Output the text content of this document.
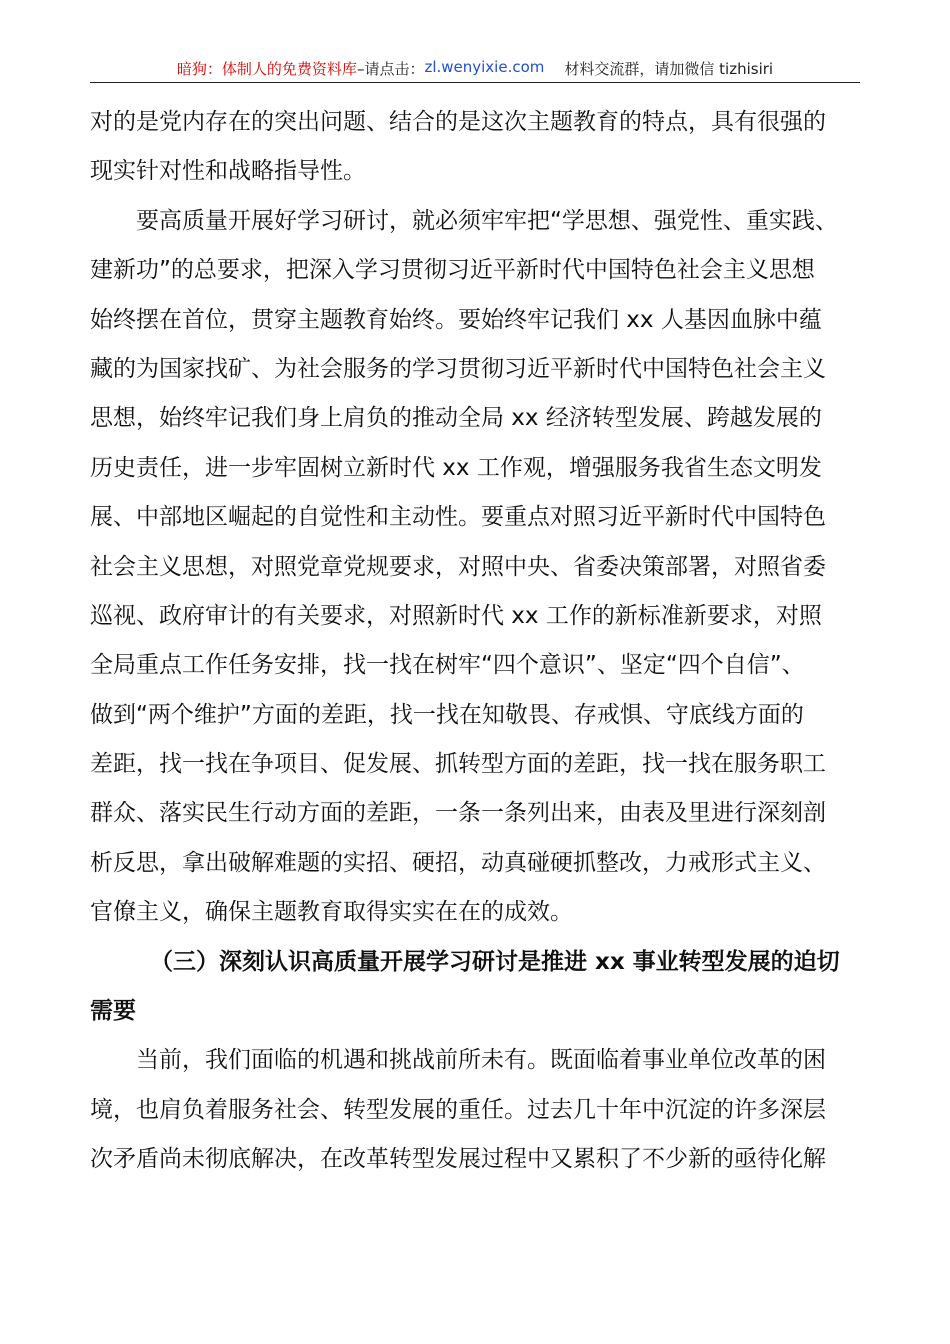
暗狗：体制人的免费资料库 –请点击： zl.wenyixie.com 材料交流群，请加微信 tizhisiri
对的是党内存在的突出问题、结合的是这次主题教育的特点，具有很强的
现实针对性和战略指导性。
要高质量开展好学习研讨，就必须牢牢把“学思想、强党性、重实践、
建新功”的总要求，把深入学习贯彻习近平新时代中国特色社会主义思想
始终摆在首位，贯穿主题教育始终。要始终牢记我们 xx 人基因血脉中蕴
藏的为国家找矿、为社会服务的学习贯彻习近平新时代中国特色社会主义
思想，始终牢记我们身上肩负的推动全局 xx 经济转型发展、跨越发展的
历史责任，进一步牢固树立新时代 xx 工作观，增强服务我省生态文明发
展、中部地区崛起的自觉性和主动性。要重点对照习近平新时代中国特色
社会主义思想，对照党章党规要求，对照中央、省委决策部署，对照省委
巡视、政府审计的有关要求，对照新时代 xx 工作的新标准新要求，对照
全局重点工作任务安排，找一找在树牢“四个意识”、坚定“四个自信”、
做到“两个维护”方面的差距，找一找在知敬畏、存戒惧、守底线方面的
差距，找一找在争项目、促发展、抓转型方面的差距，找一找在服务职工
群众、落实民生行动方面的差距，一条一条列出来，由表及里进行深刻剖
析反思，拿出破解难题的实招、硬招，动真碰硬抓整改，力戒形式主义、
官僚主义，确保主题教育取得实实在在的成效。
（三）深刻认识高质量开展学习研讨是推进 xx 事业转型发展的迫切
需要
当前，我们面临的机遇和挑战前所未有。既面临着事业单位改革的困
境，也肩负着服务社会、转型发展的重任。过去几十年中沉淀的许多深层
次矛盾尚未彻底解决，在改革转型发展过程中又累积了不少新的亟待化解
